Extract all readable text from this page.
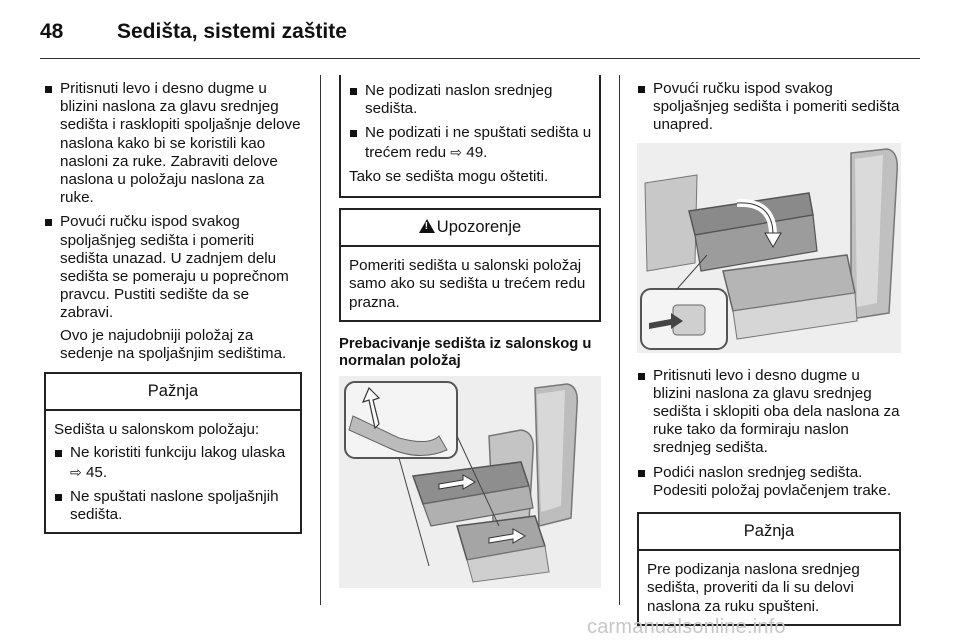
48	Sedišta, sistemi zaštite
Pritisnuti levo i desno dugme u blizini naslona za glavu srednjeg sedišta i rasklopiti spoljašnje delove naslona kako bi se koristili kao nasloni za ruke. Zabraviti delove naslona u položaju naslona za ruke.
Povući ručku ispod svakog spoljašnjeg sedišta i pomeriti sedišta unazad. U zadnjem delu sedišta se pomeraju u poprečnom pravcu. Pustiti sedište da se zabravi.
Ovo je najudobniji položaj za sedenje na spoljašnjim sedištima.
Pažnja
Sedišta u salonskom položaju:
Ne koristiti funkciju lakog ulaska ⇨ 45.
Ne spuštati naslone spoljašnjih sedišta.
Ne podizati naslon srednjeg sedišta.
Ne podizati i ne spuštati sedišta u trećem redu ⇨ 49.
Tako se sedišta mogu oštetiti.
!Upozorenje
Pomeriti sedišta u salonski položaj samo ako su sedišta u trećem redu prazna.
Prebacivanje sedišta iz salonskog u normalan položaj
Povući ručku ispod svakog spoljašnjeg sedišta i pomeriti sedišta unapred.
Pritisnuti levo i desno dugme u blizini naslona za glavu srednjeg sedišta i sklopiti oba dela naslona za ruke tako da formiraju naslon srednjeg sedišta.
Podići naslon srednjeg sedišta. Podesiti položaj povlačenjem trake.
Pažnja
Pre podizanja naslona srednjeg sedišta, proveriti da li su delovi naslona za ruku spušteni.
carmanualsonline.info
